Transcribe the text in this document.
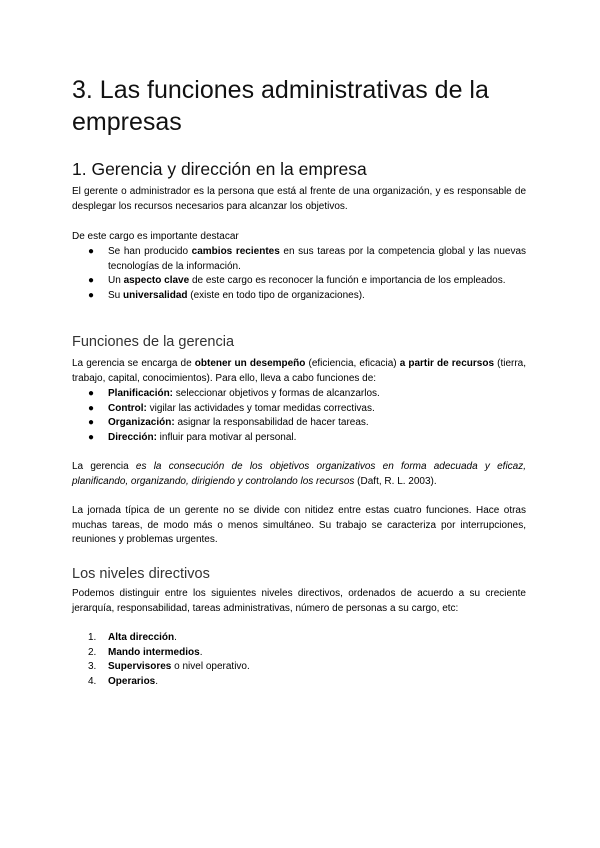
3. Las funciones administrativas de la empresas
1. Gerencia y dirección en la empresa
El gerente o administrador es la persona que está al frente de una organización, y es responsable de desplegar los recursos necesarios para alcanzar los objetivos.
De este cargo es importante destacar
● Se han producido cambios recientes en sus tareas por la competencia global y las nuevas tecnologías de la información.
● Un aspecto clave de este cargo es reconocer la función e importancia de los empleados.
● Su universalidad (existe en todo tipo de organizaciones).
Funciones de la gerencia
La gerencia se encarga de obtener un desempeño (eficiencia, eficacia) a partir de recursos (tierra, trabajo, capital, conocimientos). Para ello, lleva a cabo funciones de:
● Planificación: seleccionar objetivos y formas de alcanzarlos.
● Control: vigilar las actividades y tomar medidas correctivas.
● Organización: asignar la responsabilidad de hacer tareas.
● Dirección: influir para motivar al personal.
La gerencia es la consecución de los objetivos organizativos en forma adecuada y eficaz, planificando, organizando, dirigiendo y controlando los recursos (Daft, R. L. 2003).
La jornada típica de un gerente no se divide con nitidez entre estas cuatro funciones. Hace otras muchas tareas, de modo más o menos simultáneo. Su trabajo se caracteriza por interrupciones, reuniones y problemas urgentes.
Los niveles directivos
Podemos distinguir entre los siguientes niveles directivos, ordenados de acuerdo a su creciente jerarquía, responsabilidad, tareas administrativas, número de personas a su cargo, etc:
1. Alta dirección.
2. Mando intermedios.
3. Supervisores o nivel operativo.
4. Operarios.
